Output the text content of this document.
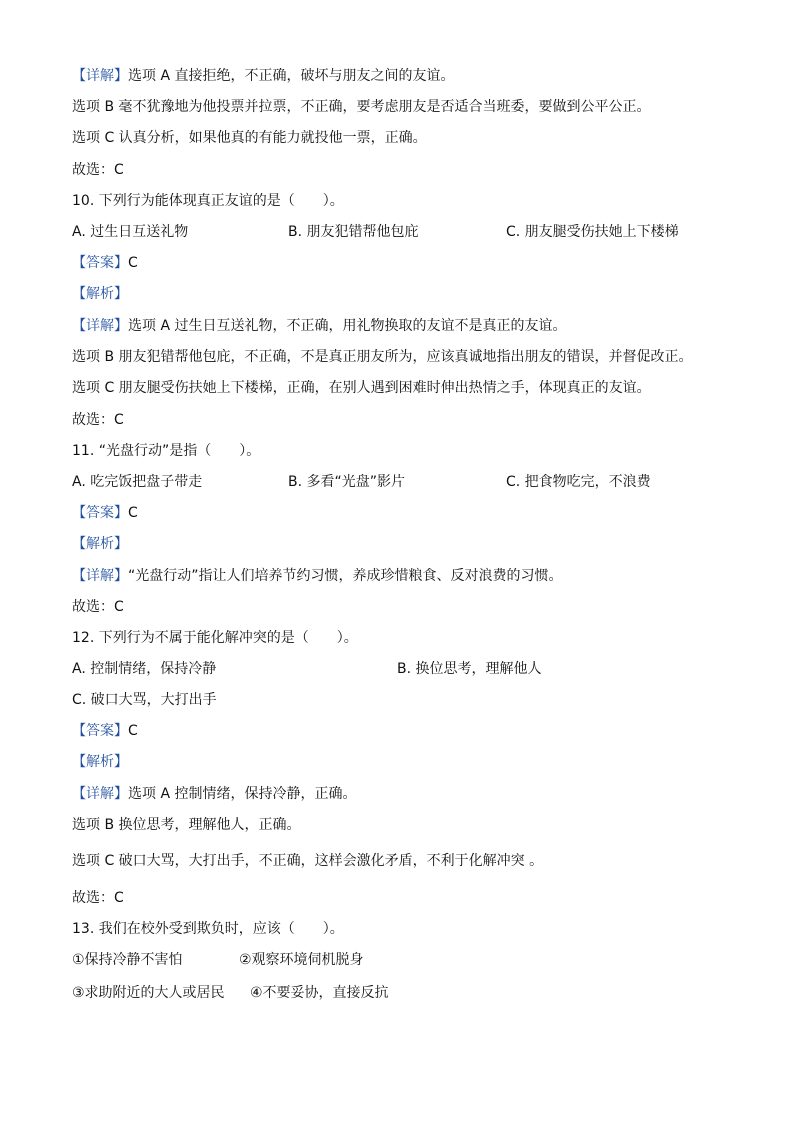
【详解】选项 A 直接拒绝，不正确，破坏与朋友之间的友谊。
选项 B 毫不犹豫地为他投票并拉票，不正确，要考虑朋友是否适合当班委，要做到公平公正。
选项 C 认真分析，如果他真的有能力就投他一票，正确。
故选：C
10. 下列行为能体现真正友谊的是（　　）。
A. 过生日互送礼物	B. 朋友犯错帮他包庇	C. 朋友腿受伤扶她上下楼梯
【答案】C
【解析】
【详解】选项 A 过生日互送礼物，不正确，用礼物换取的友谊不是真正的友谊。
选项 B 朋友犯错帮他包庇，不正确，不是真正朋友所为，应该真诚地指出朋友的错误，并督促改正。
选项 C 朋友腿受伤扶她上下楼梯，正确，在别人遇到困难时伸出热情之手，体现真正的友谊。
故选：C
11. “光盘行动”是指（　　）。
A. 吃完饭把盘子带走	B. 多看“光盘”影片	C. 把食物吃完，不浪费
【答案】C
【解析】
【详解】“光盘行动”指让人们培养节约习惯，养成珍惜粮食、反对浪费的习惯。
故选：C
12. 下列行为不属于能化解冲突的是（　　）。
A. 控制情绪，保持冷静	B. 换位思考，理解他人
C. 破口大骂，大打出手
【答案】C
【解析】
【详解】选项 A 控制情绪，保持冷静，正确。
选项 B 换位思考，理解他人，正确。
选项 C 破口大骂，大打出手，不正确，这样会激化矛盾，不利于化解冲突 。
故选：C
13. 我们在校外受到欺负时，应该（　　）。
①保持冷静不害怕	②观察环境伺机脱身
③求助附近的大人或居民 ④不要妥协，直接反抗
